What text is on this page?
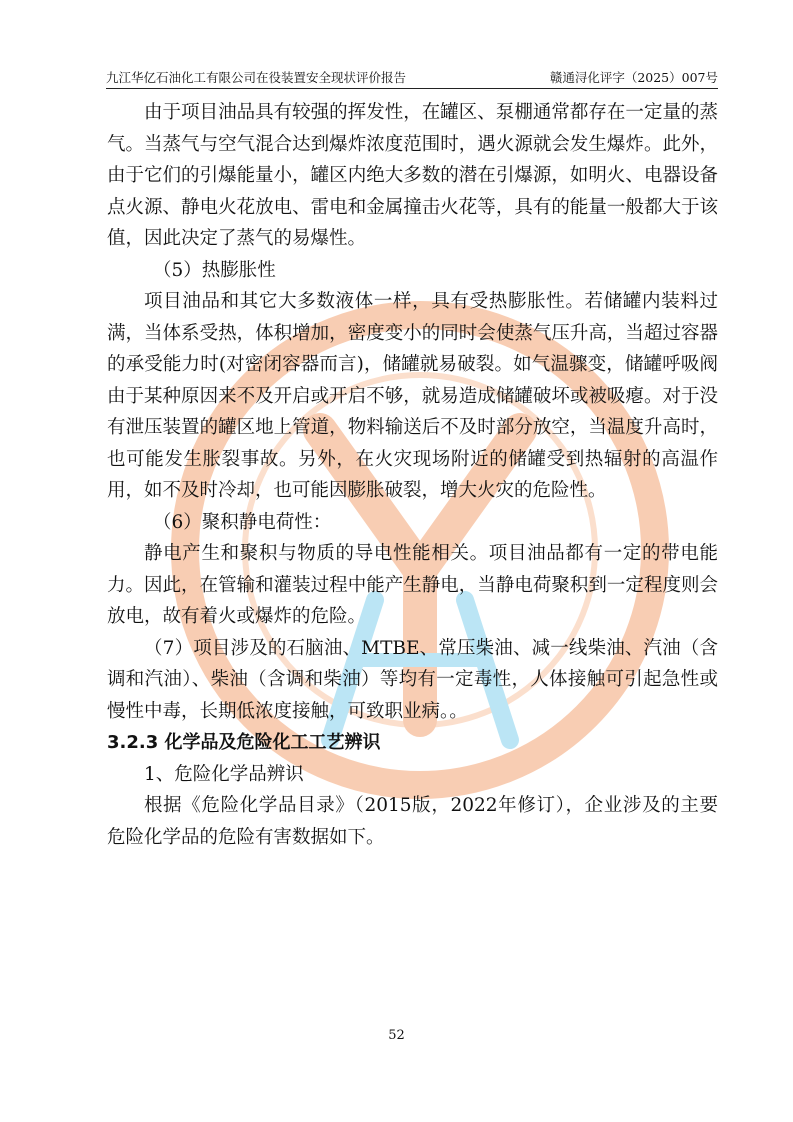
九江华亿石油化工有限公司在役装置安全现状评价报告	赣通浔化评字（2025）007号

由于项目油品具有较强的挥发性，在罐区、泵棚通常都存在一定量的蒸气。当蒸气与空气混合达到爆炸浓度范围时，遇火源就会发生爆炸。此外，由于它们的引爆能量小，罐区内绝大多数的潜在引爆源，如明火、电器设备点火源、静电火花放电、雷电和金属撞击火花等，具有的能量一般都大于该值，因此决定了蒸气的易爆性。

（5）热膨胀性

项目油品和其它大多数液体一样，具有受热膨胀性。若储罐内装料过满，当体系受热，体积增加，密度变小的同时会使蒸气压升高，当超过容器的承受能力时(对密闭容器而言)，储罐就易破裂。如气温骤变，储罐呼吸阀由于某种原因来不及开启或开启不够，就易造成储罐破坏或被吸瘪。对于没有泄压装置的罐区地上管道，物料输送后不及时部分放空，当温度升高时，也可能发生胀裂事故。另外，在火灾现场附近的储罐受到热辐射的高温作用，如不及时冷却，也可能因膨胀破裂，增大火灾的危险性。

（6）聚积静电荷性：

静电产生和聚积与物质的导电性能相关。项目油品都有一定的带电能力。因此，在管输和灌装过程中能产生静电，当静电荷聚积到一定程度则会放电，故有着火或爆炸的危险。

（7）项目涉及的石脑油、MTBE、常压柴油、减一线柴油、汽油（含调和汽油）、柴油（含调和柴油）等均有一定毒性，人体接触可引起急性或慢性中毒，长期低浓度接触，可致职业病。。

3.2.3 化学品及危险化工工艺辨识

1、危险化学品辨识

根据《危险化学品目录》（2015版，2022年修订），企业涉及的主要危险化学品的危险有害数据如下。

52
